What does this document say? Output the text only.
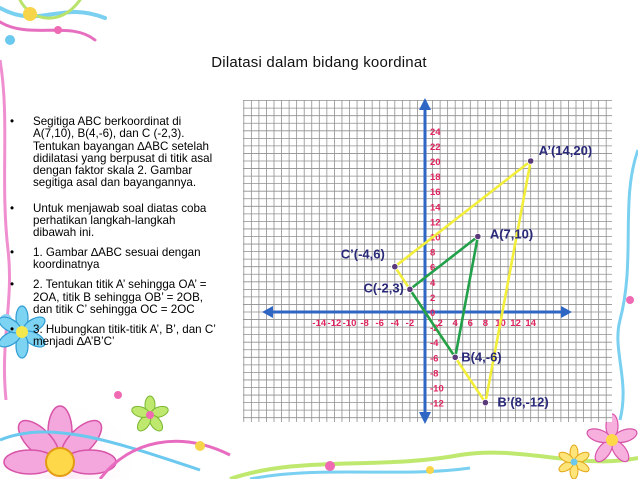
Dilatasi dalam bidang koordinat
•	Segitiga ABC berkoordinat di A(7,10), B(4,-6), dan C (-2,3). Tentukan bayangan ∆ABC setelah didilatasi yang berpusat di titik asal dengan faktor skala 2. Gambar segitiga asal dan bayangannya.
•	Untuk menjawab soal diatas coba perhatikan langkah-langkah dibawah ini.
•	1. Gambar ∆ABC sesuai dengan koordinatnya
•	2. Tentukan titik A’ sehingga OA’ = 2OA, titik B sehingga OB’ = 2OB, dan titik C’ sehingga OC = 2OC
•	3. Hubungkan titik-titik A’, B’, dan C’ menjadi ∆A’B’C’
-14 -12 -10 -8 -6 -4 -2 2 4 6 8 10 12 14
24
22
20
18
16
14
12
10
8
6
4
2
0
-2
-4
-6
-8
-10
-12
A(7,10)
B(4,-6)
C(-2,3)
A’(14,20)
B’(8,-12)
C’(-4,6)
